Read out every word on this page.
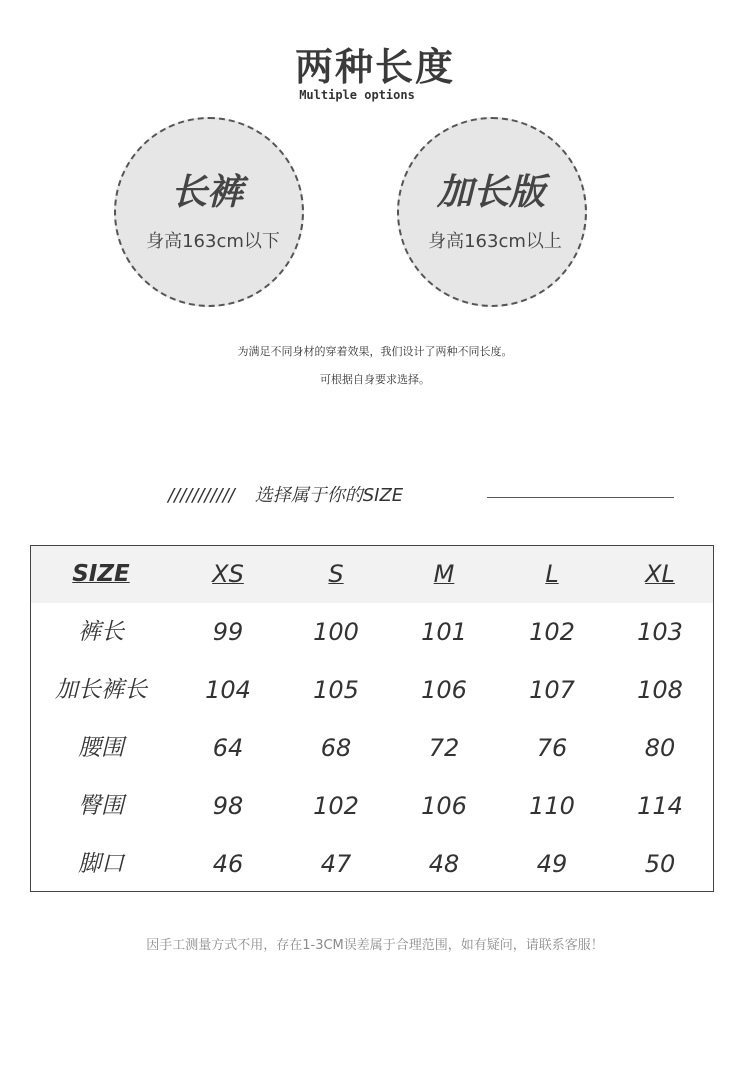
两种长度
Multiple options
长裤
身高163cm以下
加长版
身高163cm以上
为满足不同身材的穿着效果，我们设计了两种不同长度。
可根据自身要求选择。
/////////// 选择属于你的SIZE
SIZE	XS	S	M	L	XL
裤长	99	100	101	102	103
加长裤长	104	105	106	107	108
腰围	64	68	72	76	80
臀围	98	102	106	110	114
脚口	46	47	48	49	50
因手工测量方式不用，存在1-3CM误差属于合理范围，如有疑问，请联系客服！
